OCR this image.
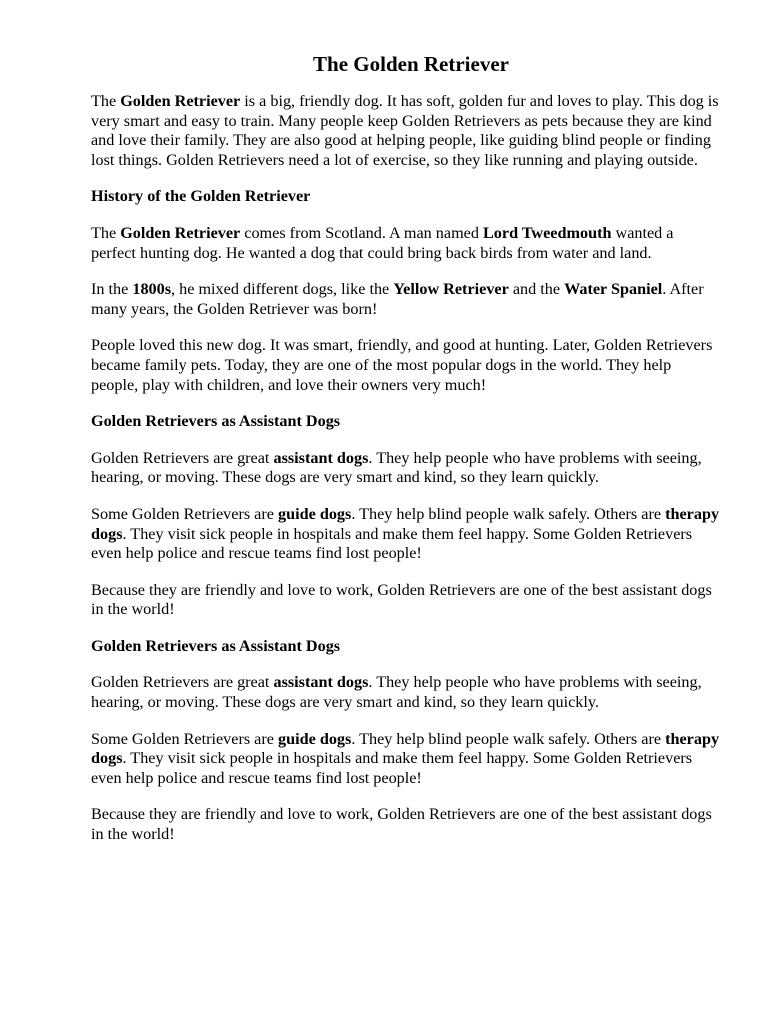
The Golden Retriever

The Golden Retriever is a big, friendly dog. It has soft, golden fur and loves to play. This dog is very smart and easy to train. Many people keep Golden Retrievers as pets because they are kind and love their family. They are also good at helping people, like guiding blind people or finding lost things. Golden Retrievers need a lot of exercise, so they like running and playing outside.

History of the Golden Retriever

The Golden Retriever comes from Scotland. A man named Lord Tweedmouth wanted a perfect hunting dog. He wanted a dog that could bring back birds from water and land.

In the 1800s, he mixed different dogs, like the Yellow Retriever and the Water Spaniel. After many years, the Golden Retriever was born!

People loved this new dog. It was smart, friendly, and good at hunting. Later, Golden Retrievers became family pets. Today, they are one of the most popular dogs in the world. They help people, play with children, and love their owners very much!

Golden Retrievers as Assistant Dogs

Golden Retrievers are great assistant dogs. They help people who have problems with seeing, hearing, or moving. These dogs are very smart and kind, so they learn quickly.

Some Golden Retrievers are guide dogs. They help blind people walk safely. Others are therapy dogs. They visit sick people in hospitals and make them feel happy. Some Golden Retrievers even help police and rescue teams find lost people!

Because they are friendly and love to work, Golden Retrievers are one of the best assistant dogs in the world!

Golden Retrievers as Assistant Dogs

Golden Retrievers are great assistant dogs. They help people who have problems with seeing, hearing, or moving. These dogs are very smart and kind, so they learn quickly.

Some Golden Retrievers are guide dogs. They help blind people walk safely. Others are therapy dogs. They visit sick people in hospitals and make them feel happy. Some Golden Retrievers even help police and rescue teams find lost people!

Because they are friendly and love to work, Golden Retrievers are one of the best assistant dogs in the world!
